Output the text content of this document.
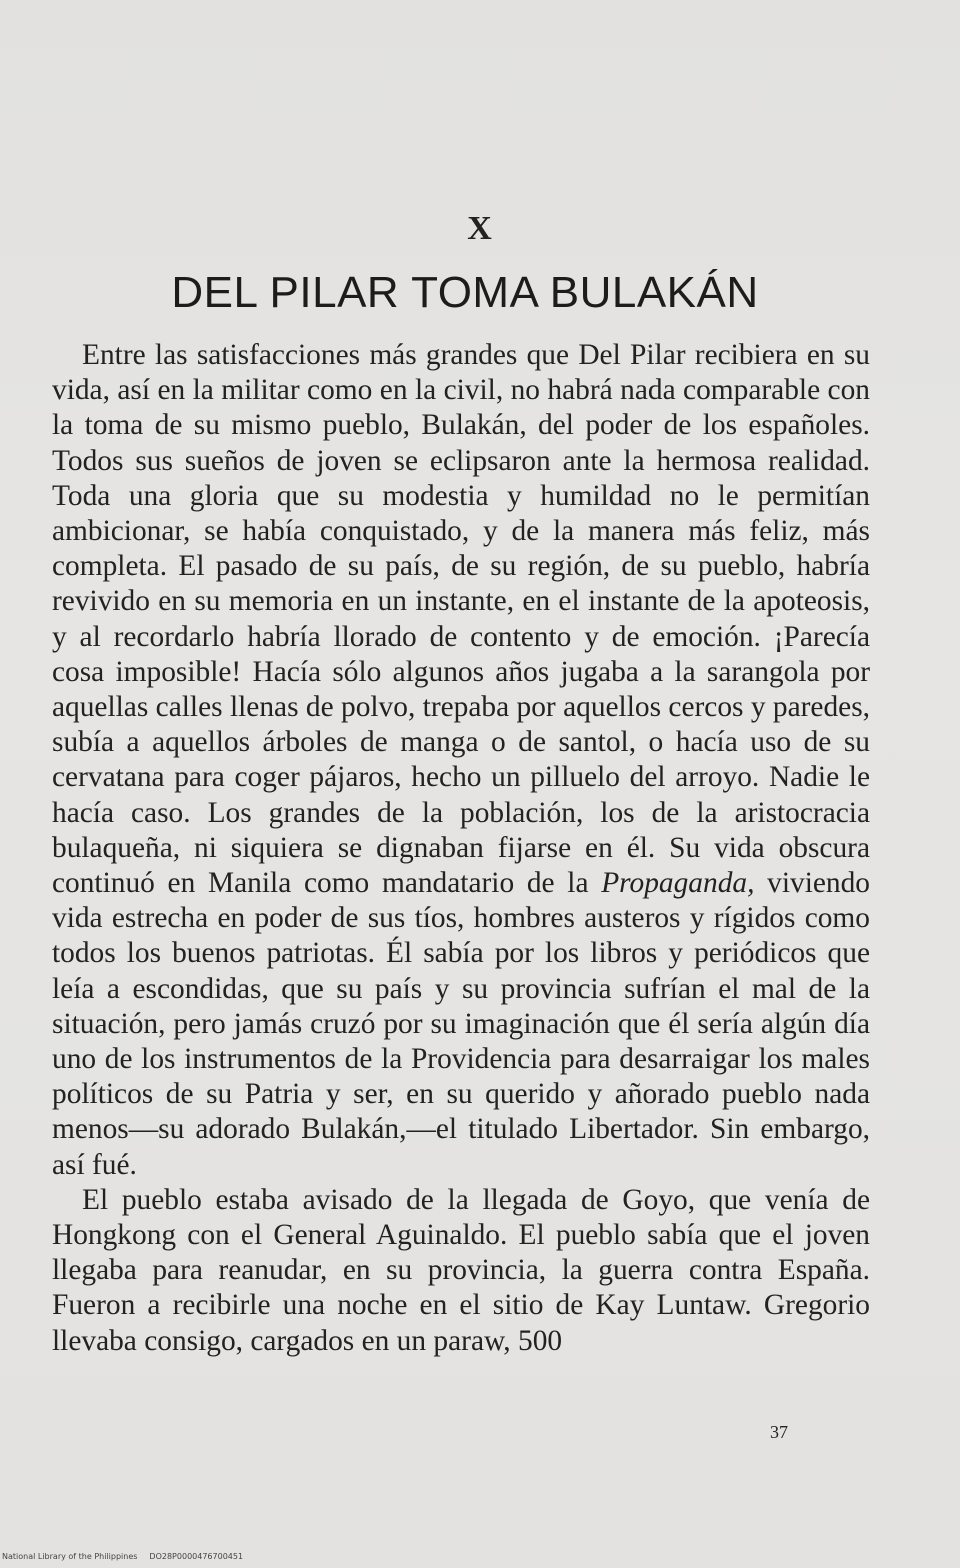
X
DEL PILAR TOMA BULAKÁN

Entre las satisfacciones más grandes que Del Pilar recibiera en su vida, así en la militar como en la civil, no habrá nada comparable con la toma de su mismo pueblo, Bulakán, del poder de los españoles. Todos sus sueños de joven se eclipsaron ante la hermosa realidad. Toda una gloria que su modestia y humildad no le permitían ambicionar, se había conquistado, y de la manera más feliz, más completa. El pasado de su país, de su región, de su pueblo, habría revivido en su memoria en un instante, en el instante de la apoteosis, y al recordarlo habría llorado de contento y de emoción. ¡Parecía cosa imposible! Hacía sólo algunos años jugaba a la sarangola por aquellas calles llenas de polvo, trepaba por aquellos cercos y paredes, subía a aquellos árboles de manga o de santol, o hacía uso de su cervatana para coger pájaros, hecho un pilluelo del arroyo. Nadie le hacía caso. Los grandes de la población, los de la aristocracia bulaqueña, ni siquiera se dignaban fijarse en él. Su vida obscura continuó en Manila como mandatario de la Propaganda, viviendo vida estrecha en poder de sus tíos, hombres austeros y rígidos como todos los buenos patriotas. Él sabía por los libros y periódicos que leía a escondidas, que su país y su provincia sufrían el mal de la situación, pero jamás cruzó por su imaginación que él sería algún día uno de los instrumentos de la Providencia para desarraigar los males políticos de su Patria y ser, en su querido y añorado pueblo nada menos—su adorado Bulakán,—el titulado Libertador. Sin embargo, así fué.

El pueblo estaba avisado de la llegada de Goyo, que venía de Hongkong con el General Aguinaldo. El pueblo sabía que el joven llegaba para reanudar, en su provincia, la guerra contra España. Fueron a recibirle una noche en el sitio de Kay Luntaw. Gregorio llevaba consigo, cargados en un paraw, 500

37
National Library of the Philippines DO28P0000476700451
